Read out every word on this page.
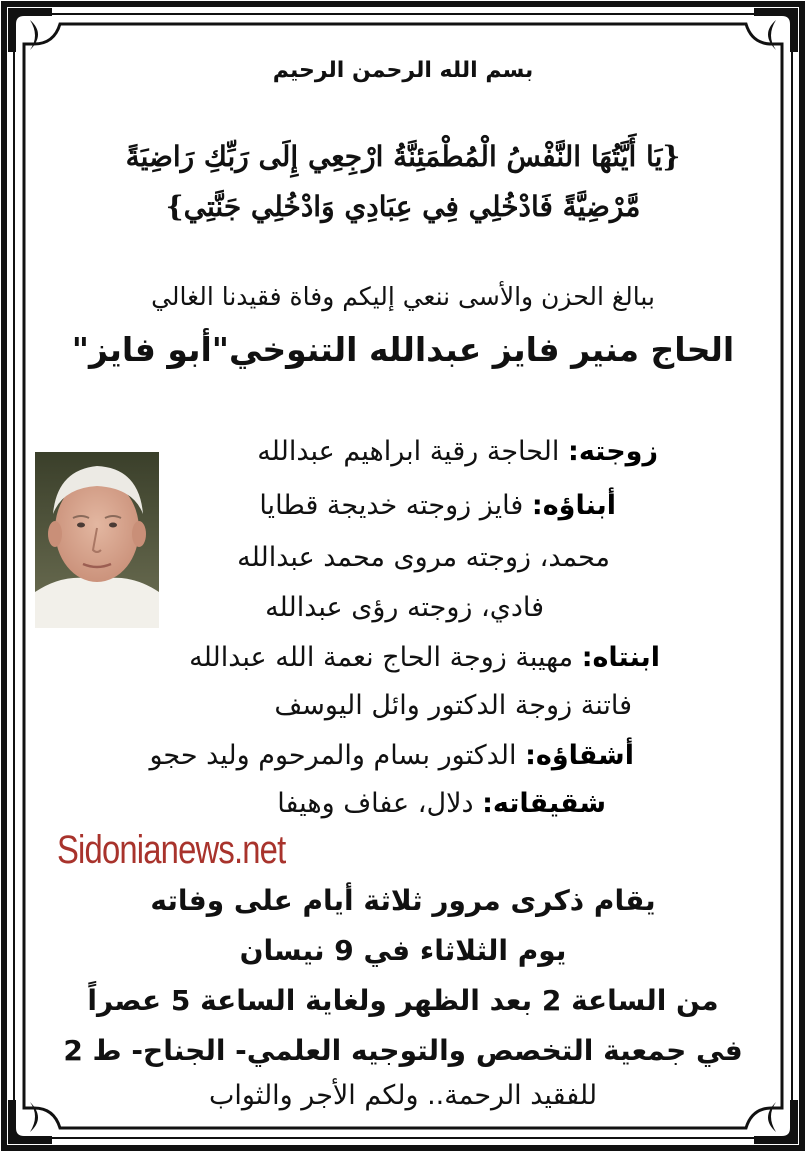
بسم الله الرحمن الرحيم
{يَا أَيَّتُهَا النَّفْسُ الْمُطْمَئِنَّةُ ارْجِعِي إِلَى رَبِّكِ رَاضِيَةً
مَّرْضِيَّةً فَادْخُلِي فِي عِبَادِي وَادْخُلِي جَنَّتِي}
ببالغ الحزن والأسى ننعي إليكم وفاة فقيدنا الغالي
الحاج منير فايز عبدالله التنوخي"أبو فايز"
زوجته: الحاجة رقية ابراهيم عبدالله
أبناؤه: فايز زوجته خديجة قطايا
محمد، زوجته مروى محمد عبدالله
فادي، زوجته رؤى عبدالله
ابنتاه: مهيبة زوجة الحاج نعمة الله عبدالله
فاتنة زوجة الدكتور وائل اليوسف
أشقاؤه: الدكتور بسام والمرحوم وليد حجو
شقيقاته: دلال، عفاف وهيفا
Sidonianews.net
يقام ذكرى مرور ثلاثة أيام على وفاته
يوم الثلاثاء في 9 نيسان
من الساعة 2 بعد الظهر ولغاية الساعة 5 عصراً
في جمعية التخصص والتوجيه العلمي- الجناح- ط 2
للفقيد الرحمة.. ولكم الأجر والثواب
